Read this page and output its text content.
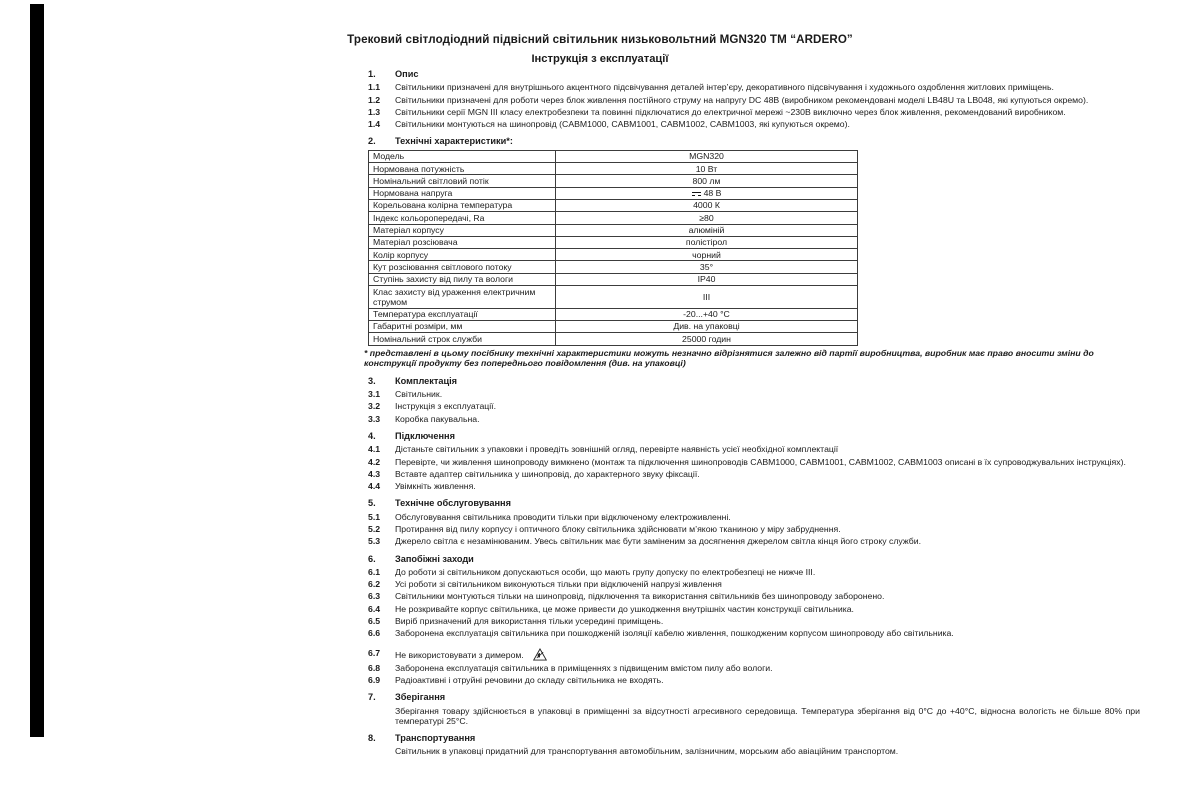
Трековий світлодіодний підвісний світильник низьковольтний MGN320 ТМ “ARDERO”
Інструкція з експлуатації
1.	Опис
1.1	Світильники призначені для внутрішнього акцентного підсвічування деталей інтер’єру, декоративного підсвічування і художнього оздоблення житлових приміщень.
1.2	Світильники призначені для роботи через блок живлення постійного струму на напругу DC 48В (виробником рекомендовані моделі LB48U та LB048, які купуються окремо).
1.3	Світильники серії MGN ІІІ класу електробезпеки та повинні підключатися до електричної мережі ~230В виключно через блок живлення, рекомендований виробником.
1.4	Світильники монтуються на шинопровід (CABM1000, CABM1001, CABM1002, CABM1003, які купуються окремо).
2.	Технічні характеристики*:
Модель	MGN320
Нормована потужність	10 Вт
Номінальний світловий потік	800 лм
Нормована напруга	48 В
Корельована колірна температура	4000 К
Індекс кольоропередачі, Ra	≥80
Матеріал корпусу	алюміній
Матеріал розсіювача	полістірол
Колір корпусу	чорний
Кут розсіювання світлового потоку	35°
Ступінь захисту від пилу та вологи	IP40
Клас захисту від ураження електричним струмом	III
Температура експлуатації	-20...+40 °С
Габаритні розміри, мм	Див. на упаковці
Номінальний строк служби	25000 годин
* представлені в цьому посібнику технічні характеристики можуть незначно відрізнятися залежно від партії виробництва, виробник має право вносити зміни до конструкції продукту без попереднього повідомлення (див. на упаковці)
3.	Комплектація
3.1	Світильник.
3.2	Інструкція з експлуатації.
3.3	Коробка пакувальна.
4.	Підключення
4.1	Дістаньте світильник з упаковки і проведіть зовнішній огляд, перевірте наявність усієї необхідної комплектації
4.2	Перевірте, чи живлення шинопроводу вимкнено (монтаж та підключення шинопроводів CABM1000, CABM1001, CABM1002, CABM1003 описані в їх супроводжувальних інструкціях).
4.3	Вставте адаптер світильника у шинопровід, до характерного звуку фіксації.
4.4	Увімкніть живлення.
5.	Технічне обслуговування
5.1	Обслуговування світильника проводити тільки при відключеному електроживленні.
5.2	Протирання від пилу корпусу і оптичного блоку світильника здійснювати м’якою тканиною у міру забруднення.
5.3	Джерело світла є незамінюваним. Увесь світильник має бути заміненим за досягнення джерелом світла кінця його строку служби.
6.	Запобіжні заходи
6.1	До роботи зі світильником допускаються особи, що мають групу допуску по електробезпеці не нижче ІІІ.
6.2	Усі роботи зі світильником виконуються тільки при відключеній напрузі живлення
6.3	Світильники монтуються тільки на шинопровід, підключення та використання світильників без шинопроводу заборонено.
6.4	Не розкривайте корпус світильника, це може привести до ушкодження внутрішніх частин конструкції світильника.
6.5	Виріб призначений для використання тільки усередині приміщень.
6.6	Заборонена експлуатація світильника при пошкодженій ізоляції кабелю живлення, пошкодженим корпусом шинопроводу або світильника.
6.7	Не використовувати з димером.
6.8	Заборонена експлуатація світильника в приміщеннях з підвищеним вмістом пилу або вологи.
6.9	Радіоактивні і отруйні речовини до складу світильника не входять.
7.	Зберігання
Зберігання товару здійснюється в упаковці в приміщенні за відсутності агресивного середовища. Температура зберігання від 0°С до +40°С, відносна вологість не більше 80% при температурі 25°С.
8.	Транспортування
Світильник в упаковці придатний для транспортування автомобільним, залізничним, морським або авіаційним транспортом.
